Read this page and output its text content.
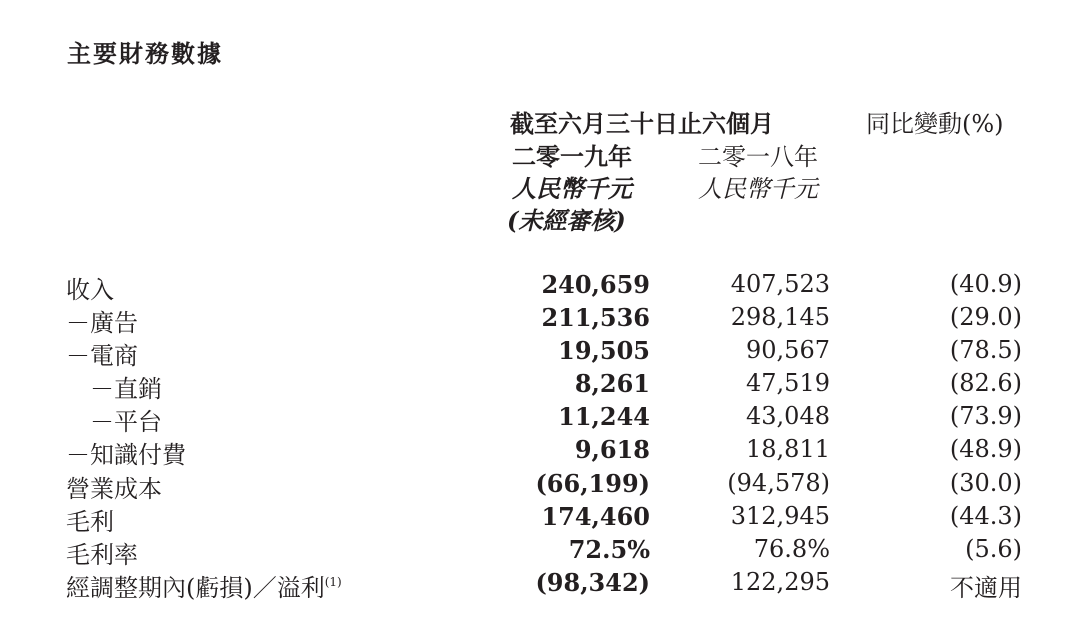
主要財務數據
截至六月三十日止六個月	同比變動(%)
二零一九年	二零一八年
人民幣千元	人民幣千元
(未經審核)
收入	240,659	407,523	(40.9)
－廣告	211,536	298,145	(29.0)
－電商	19,505	90,567	(78.5)
　－直銷	8,261	47,519	(82.6)
　－平台	11,244	43,048	(73.9)
－知識付費	9,618	18,811	(48.9)
營業成本	(66,199)	(94,578)	(30.0)
毛利	174,460	312,945	(44.3)
毛利率	72.5%	76.8%	(5.6)
經調整期內(虧損)／溢利$^{(1)}$	(98,342)	122,295	不適用
